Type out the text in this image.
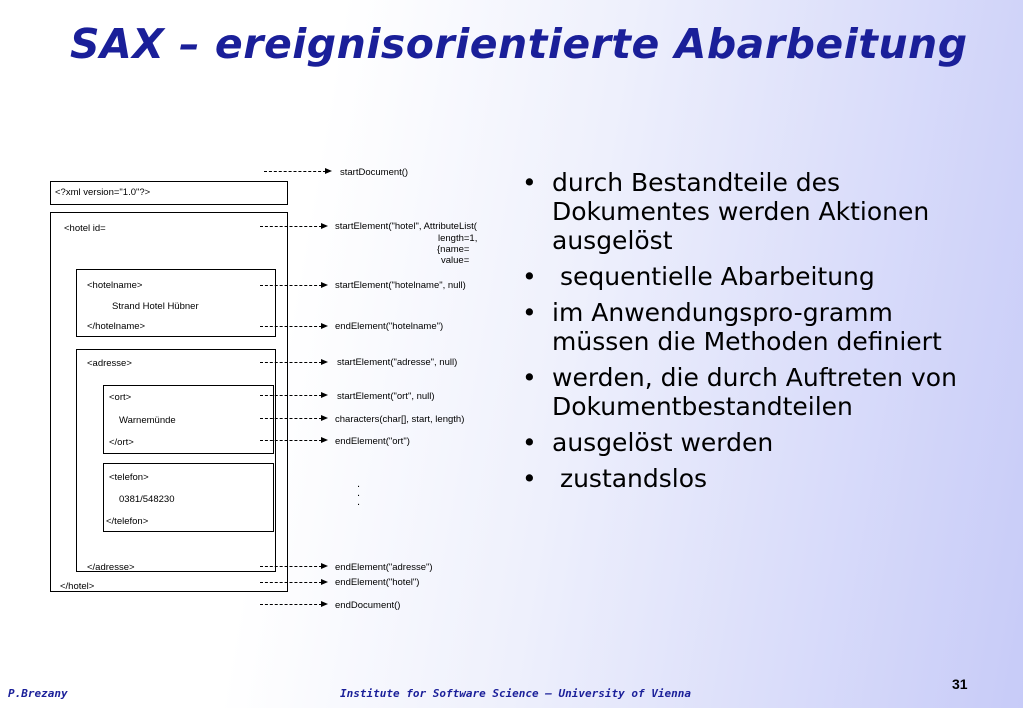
SAX – ereignisorientierte Abarbeitung
<?xml version="1.0"?>
<hotel id=
<hotelname>
Strand Hotel Hübner
</hotelname>
<adresse>
<ort>
Warnemünde
</ort>
<telefon>
0381/548230
</telefon>
</adresse>
</hotel>
startDocument()
startElement("hotel", AttributeList(
length=1,
{name=
value=
startElement("hotelname", null)
endElement("hotelname")
startElement("adresse", null)
startElement("ort", null)
characters(char[], start, length)
endElement("ort")
.
.
.
endElement("adresse")
endElement("hotel")
endDocument()
• durch Bestandteile des Dokumentes werden Aktionen ausgelöst
• sequentielle Abarbeitung
• im Anwendungspro-gramm müssen die Methoden definiert
• werden, die durch Auftreten von Dokumentbestandteilen
• ausgelöst werden
• zustandslos
P.Brezany	Institute for Software Science – University of Vienna
31
